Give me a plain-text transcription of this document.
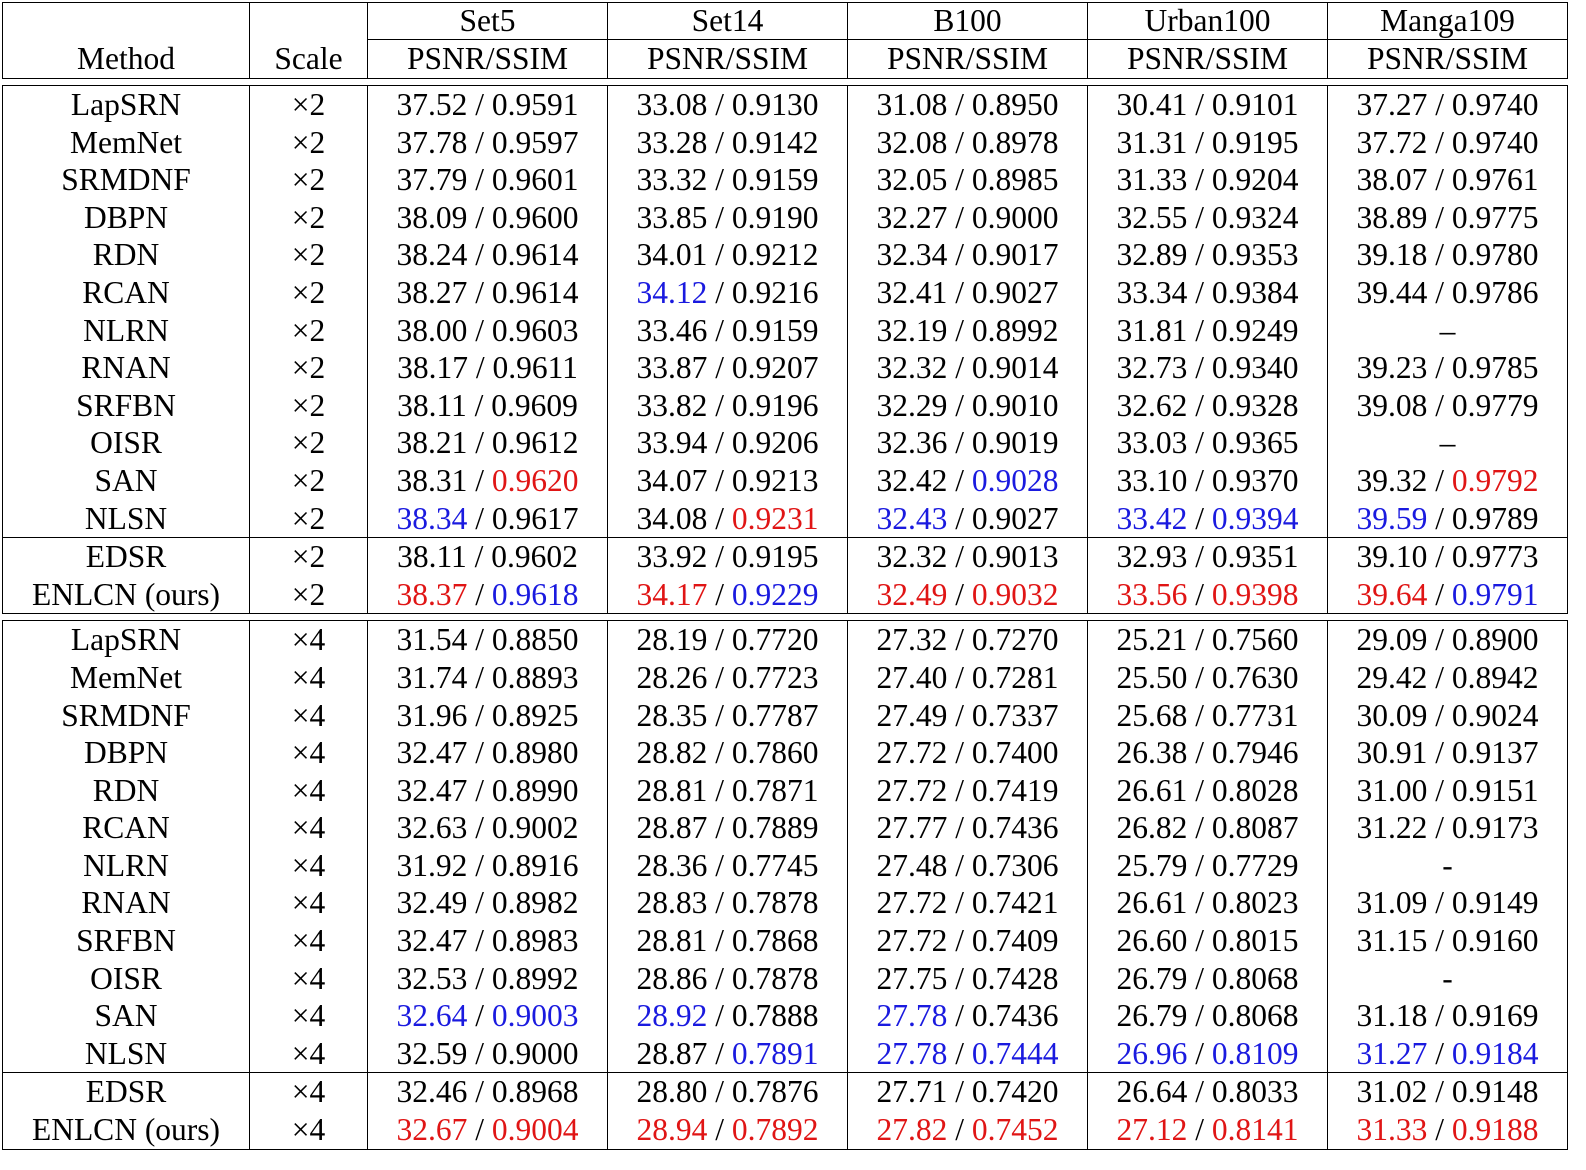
		Set5	Set14	B100	Urban100	Manga109
Method	Scale	PSNR/SSIM	PSNR/SSIM	PSNR/SSIM	PSNR/SSIM	PSNR/SSIM

LapSRN	×2	37.52 / 0.9591	33.08 / 0.9130	31.08 / 0.8950	30.41 / 0.9101	37.27 / 0.9740
MemNet	×2	37.78 / 0.9597	33.28 / 0.9142	32.08 / 0.8978	31.31 / 0.9195	37.72 / 0.9740
SRMDNF	×2	37.79 / 0.9601	33.32 / 0.9159	32.05 / 0.8985	31.33 / 0.9204	38.07 / 0.9761
DBPN	×2	38.09 / 0.9600	33.85 / 0.9190	32.27 / 0.9000	32.55 / 0.9324	38.89 / 0.9775
RDN	×2	38.24 / 0.9614	34.01 / 0.9212	32.34 / 0.9017	32.89 / 0.9353	39.18 / 0.9780
RCAN	×2	38.27 / 0.9614	34.12 / 0.9216	32.41 / 0.9027	33.34 / 0.9384	39.44 / 0.9786
NLRN	×2	38.00 / 0.9603	33.46 / 0.9159	32.19 / 0.8992	31.81 / 0.9249	–
RNAN	×2	38.17 / 0.9611	33.87 / 0.9207	32.32 / 0.9014	32.73 / 0.9340	39.23 / 0.9785
SRFBN	×2	38.11 / 0.9609	33.82 / 0.9196	32.29 / 0.9010	32.62 / 0.9328	39.08 / 0.9779
OISR	×2	38.21 / 0.9612	33.94 / 0.9206	32.36 / 0.9019	33.03 / 0.9365	–
SAN	×2	38.31 / 0.9620	34.07 / 0.9213	32.42 / 0.9028	33.10 / 0.9370	39.32 / 0.9792
NLSN	×2	38.34 / 0.9617	34.08 / 0.9231	32.43 / 0.9027	33.42 / 0.9394	39.59 / 0.9789
EDSR	×2	38.11 / 0.9602	33.92 / 0.9195	32.32 / 0.9013	32.93 / 0.9351	39.10 / 0.9773
ENLCN (ours)	×2	38.37 / 0.9618	34.17 / 0.9229	32.49 / 0.9032	33.56 / 0.9398	39.64 / 0.9791

LapSRN	×4	31.54 / 0.8850	28.19 / 0.7720	27.32 / 0.7270	25.21 / 0.7560	29.09 / 0.8900
MemNet	×4	31.74 / 0.8893	28.26 / 0.7723	27.40 / 0.7281	25.50 / 0.7630	29.42 / 0.8942
SRMDNF	×4	31.96 / 0.8925	28.35 / 0.7787	27.49 / 0.7337	25.68 / 0.7731	30.09 / 0.9024
DBPN	×4	32.47 / 0.8980	28.82 / 0.7860	27.72 / 0.7400	26.38 / 0.7946	30.91 / 0.9137
RDN	×4	32.47 / 0.8990	28.81 / 0.7871	27.72 / 0.7419	26.61 / 0.8028	31.00 / 0.9151
RCAN	×4	32.63 / 0.9002	28.87 / 0.7889	27.77 / 0.7436	26.82 / 0.8087	31.22 / 0.9173
NLRN	×4	31.92 / 0.8916	28.36 / 0.7745	27.48 / 0.7306	25.79 / 0.7729	-
RNAN	×4	32.49 / 0.8982	28.83 / 0.7878	27.72 / 0.7421	26.61 / 0.8023	31.09 / 0.9149
SRFBN	×4	32.47 / 0.8983	28.81 / 0.7868	27.72 / 0.7409	26.60 / 0.8015	31.15 / 0.9160
OISR	×4	32.53 / 0.8992	28.86 / 0.7878	27.75 / 0.7428	26.79 / 0.8068	-
SAN	×4	32.64 / 0.9003	28.92 / 0.7888	27.78 / 0.7436	26.79 / 0.8068	31.18 / 0.9169
NLSN	×4	32.59 / 0.9000	28.87 / 0.7891	27.78 / 0.7444	26.96 / 0.8109	31.27 / 0.9184
EDSR	×4	32.46 / 0.8968	28.80 / 0.7876	27.71 / 0.7420	26.64 / 0.8033	31.02 / 0.9148
ENLCN (ours)	×4	32.67 / 0.9004	28.94 / 0.7892	27.82 / 0.7452	27.12 / 0.8141	31.33 / 0.9188
